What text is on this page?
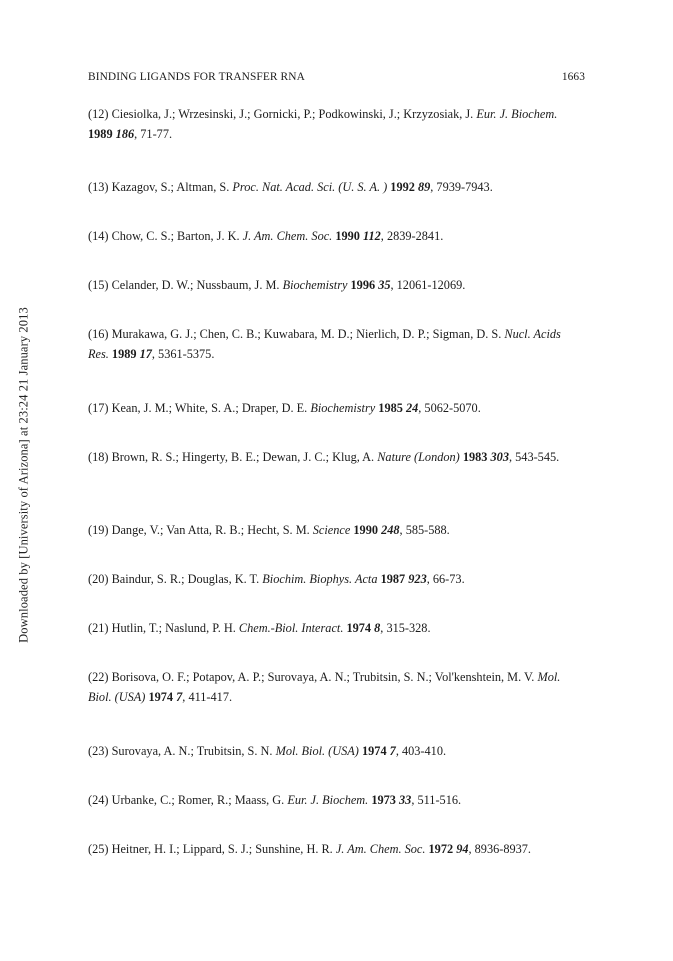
Downloaded by [University of Arizona] at 23:24 21 January 2013
BINDING LIGANDS FOR TRANSFER RNA	1663
(12) Ciesiolka, J.; Wrzesinski, J.; Gornicki, P.; Podkowinski, J.; Krzyzosiak, J. Eur. J. Biochem. 1989 186, 71-77.
(13) Kazagov, S.; Altman, S. Proc. Nat. Acad. Sci. (U. S. A. ) 1992 89, 7939-7943.
(14) Chow, C. S.; Barton, J. K. J. Am. Chem. Soc. 1990 112, 2839-2841.
(15) Celander, D. W.; Nussbaum, J. M. Biochemistry 1996 35, 12061-12069.
(16) Murakawa, G. J.; Chen, C. B.; Kuwabara, M. D.; Nierlich, D. P.; Sigman, D. S. Nucl. Acids Res. 1989 17, 5361-5375.
(17) Kean, J. M.; White, S. A.; Draper, D. E. Biochemistry 1985 24, 5062-5070.
(18) Brown, R. S.; Hingerty, B. E.; Dewan, J. C.; Klug, A. Nature (London) 1983 303, 543-545.
(19) Dange, V.; Van Atta, R. B.; Hecht, S. M. Science 1990 248, 585-588.
(20) Baindur, S. R.; Douglas, K. T. Biochim. Biophys. Acta 1987 923, 66-73.
(21) Hutlin, T.; Naslund, P. H. Chem.-Biol. Interact. 1974 8, 315-328.
(22) Borisova, O. F.; Potapov, A. P.; Surovaya, A. N.; Trubitsin, S. N.; Vol'kenshtein, M. V. Mol. Biol. (USA) 1974 7, 411-417.
(23) Surovaya, A. N.; Trubitsin, S. N. Mol. Biol. (USA) 1974 7, 403-410.
(24) Urbanke, C.; Romer, R.; Maass, G. Eur. J. Biochem. 1973 33, 511-516.
(25) Heitner, H. I.; Lippard, S. J.; Sunshine, H. R. J. Am. Chem. Soc. 1972 94, 8936-8937.
